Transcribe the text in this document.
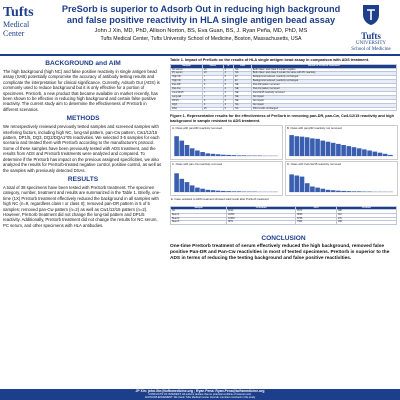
Tufts
Medical
Center
PreSorb is superior to Adsorb Out in reducing high background and false positive reactivity in HLA single antigen bead assay
John J Xin, MD, PhD, Allison Norton, BS, Eva Guan, BS, J. Ryan Peña, MD, PhD, MS
Tufts Medical Center, Tufts University School of Medicine, Boston, Massachusetts, USA	Tufts
UNIVERSITY
School of Medicine
BACKGROUND and AIM
The high background (high NC) and false positive reactivity in single antigen bead assay (SAB) potentially compromise the accuracy of antibody testing results and complicate the interpretation for clinical significance. Currently, Adsorb Out (ADS) is commonly used to reduce background but it is only effective for a portion of specimens. PreSorb, a new product that became available on market recently, has been shown to be effective in reducing high background and certain false positive reactivity. The current study aim to determine the effectiveness of PreSorb in different scenarios.
METHODS
We retrospectively reviewed previously tested samples and screened samples with interfering factors, including high NC, long-tail pattern, pan-Cw pattern, Cw1/12/15 pattern, DP1/5, DQ3, DQ2/DQA1*05 reactivities. We selected 3-5 samples for each scenario and treated them with PreSorb according to the manufacture's protocol. Some of these samples have been previously tested with ADS treatment, and the results from ADS and PreSorb treatments were analyzed and compared. To determine if the PreSorb has impact on the previous assigned specificities, we also analyzed the results for PreSorb-treated negative control, positive control, as well as the samples with previously detected DSAs.
RESULTS
A total of 38 specimens have been tested with PreSorb treatment. The specimen category, number, treatment and results are summarized in the Table 1. Briefly, one-time (1X) PreSorb treatment effectively reduced the background in all samples with high NC (n=9, regardless class I or class II); removed pan-DR pattern in 5 of 5 samples; removed pan-Cw pattern (n=2) as well as Cw1/12/15 pattern (n=2). However, PreSorb treatment did not change the long-tail pattern and DP1/5 reactivity. Additionally, PreSorb treatment did not change the results for NC serum, PC serum, and other specimens with HLA antibodies.
Table 1. Impact of PreSorb on the results of HLA single antigen bead assay in comparison with ADS treatment.
Sample	Class	N	ADS	Result of PreSorb treatment
NC serum	I/II	3	NA	Both class I and class II remain negative
PC serum	I/II	3	NA	Both class I and class II remain the same with PC reactivity
High NC	I	5	Ef	Background reduced, reactivity unchanged
High NC	II	4	Ef	Background reduced, reactivity unchanged
Pan-DR	II	5	NE	Pan-DR pattern removed
Pan-Cw	I	2	NE	Pan-Cw pattern removed
Cw1/12/15	I	2	NE	Cw1/12/15 reactivity removed
Long-tail	I	3	NE	No impact
DP1/5	II	3	NE	No impact
DQ3	II	3	NA	No impact
DSA	I/II	5	NA	DSA results unchanged
Figure 1. Representative results for the effectiveness of PreSorb in removing pan-DR, pan-Cw, Cw1/12/15 reactivity and high background in sample resistant to ADS treatment.
A. Class with pan-DR reactivity removed	B. Class with pan-DR reactivity not removed
C. Class with pan-Cw reactivity removed	D. Class with Cw1/12/15 reactivity removed
E. Case resistant to ADS treatment showed solid result after PreSorb treatment
Sample	Untreated	ADS	PreSorb
NC	8410	6572	388
Bead 1	11602	9820	312
Bead 2	10233	8755	276
Bead 3	9871	7904	198
CONCLUSION
One-time PreSorb treatment of serum effectively reduced the high background, removed false positive Pan-DR and Pan-Cw reactivities in most of tested specimens. PreSorb is superior to the ADS in terms of reducing the testing background and false positive reactivities.
JP Xin: john.Xin@tuftsmedicine.org ; Ryan Pena: Ryan.Pena@tuftsmedicine.org
CONFLICTS OF INTEREST: All authors declare that no potential conflicts of interest exist.
ACKNOWLEDGEMENT: We thank Tufts Medical Center HLA lab members involved in this study
